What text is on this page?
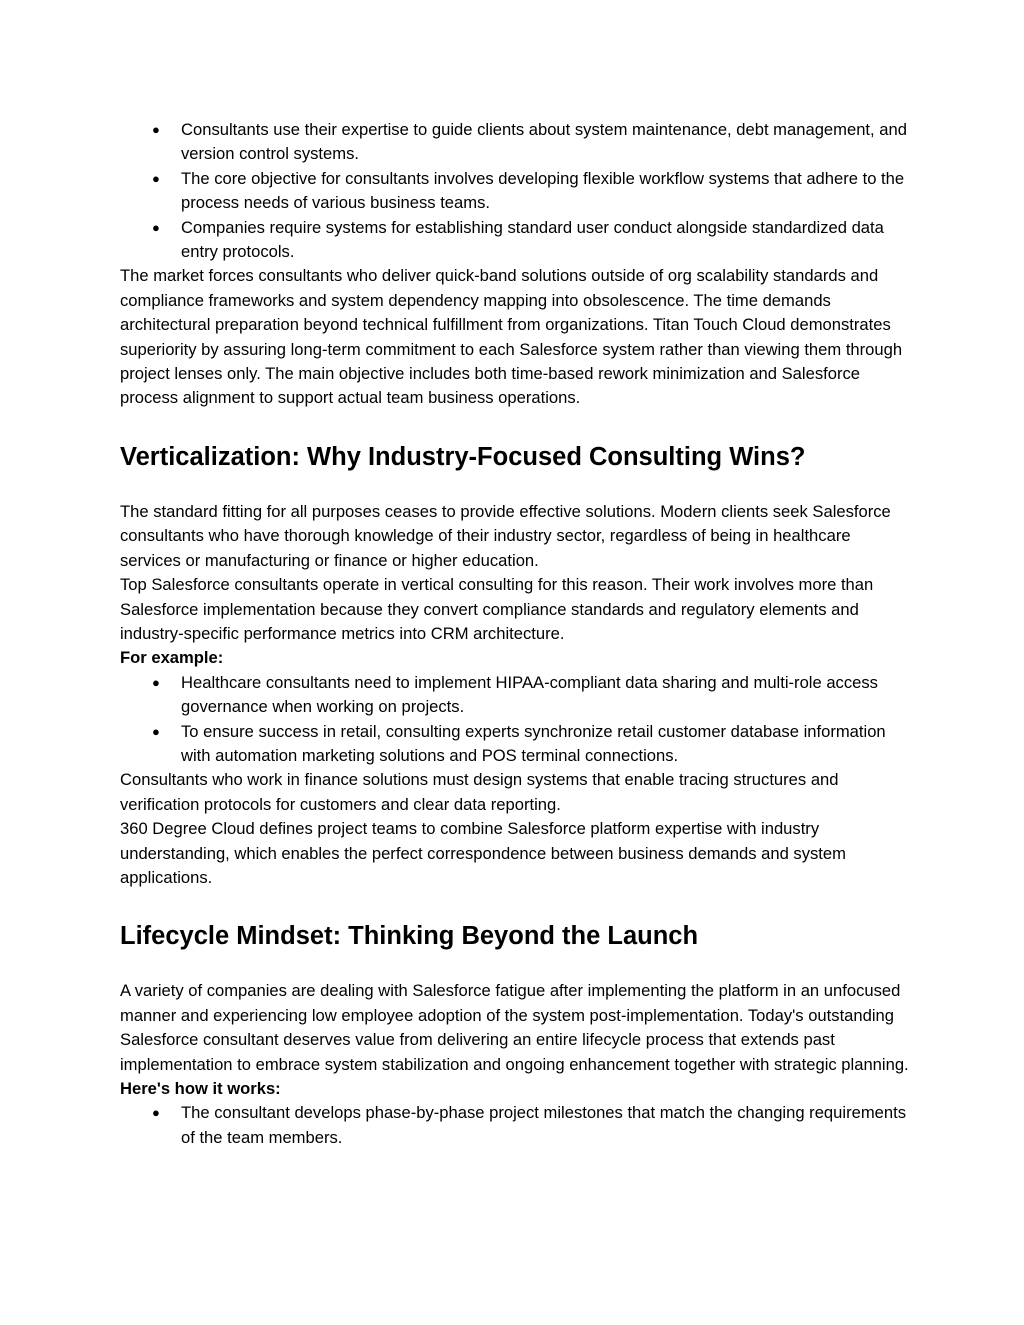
● Consultants use their expertise to guide clients about system maintenance, debt management, and version control systems.
● The core objective for consultants involves developing flexible workflow systems that adhere to the process needs of various business teams.
● Companies require systems for establishing standard user conduct alongside standardized data entry protocols.

The market forces consultants who deliver quick-band solutions outside of org scalability standards and compliance frameworks and system dependency mapping into obsolescence. The time demands architectural preparation beyond technical fulfillment from organizations. Titan Touch Cloud demonstrates superiority by assuring long-term commitment to each Salesforce system rather than viewing them through project lenses only. The main objective includes both time-based rework minimization and Salesforce process alignment to support actual team business operations.

Verticalization: Why Industry-Focused Consulting Wins?

The standard fitting for all purposes ceases to provide effective solutions. Modern clients seek Salesforce consultants who have thorough knowledge of their industry sector, regardless of being in healthcare services or manufacturing or finance or higher education.

Top Salesforce consultants operate in vertical consulting for this reason. Their work involves more than Salesforce implementation because they convert compliance standards and regulatory elements and industry-specific performance metrics into CRM architecture.

For example:

● Healthcare consultants need to implement HIPAA-compliant data sharing and multi-role access governance when working on projects.
● To ensure success in retail, consulting experts synchronize retail customer database information with automation marketing solutions and POS terminal connections.

Consultants who work in finance solutions must design systems that enable tracing structures and verification protocols for customers and clear data reporting.

360 Degree Cloud defines project teams to combine Salesforce platform expertise with industry understanding, which enables the perfect correspondence between business demands and system applications.

Lifecycle Mindset: Thinking Beyond the Launch

A variety of companies are dealing with Salesforce fatigue after implementing the platform in an unfocused manner and experiencing low employee adoption of the system post-implementation. Today's outstanding Salesforce consultant deserves value from delivering an entire lifecycle process that extends past implementation to embrace system stabilization and ongoing enhancement together with strategic planning.

Here's how it works:

● The consultant develops phase-by-phase project milestones that match the changing requirements of the team members.
